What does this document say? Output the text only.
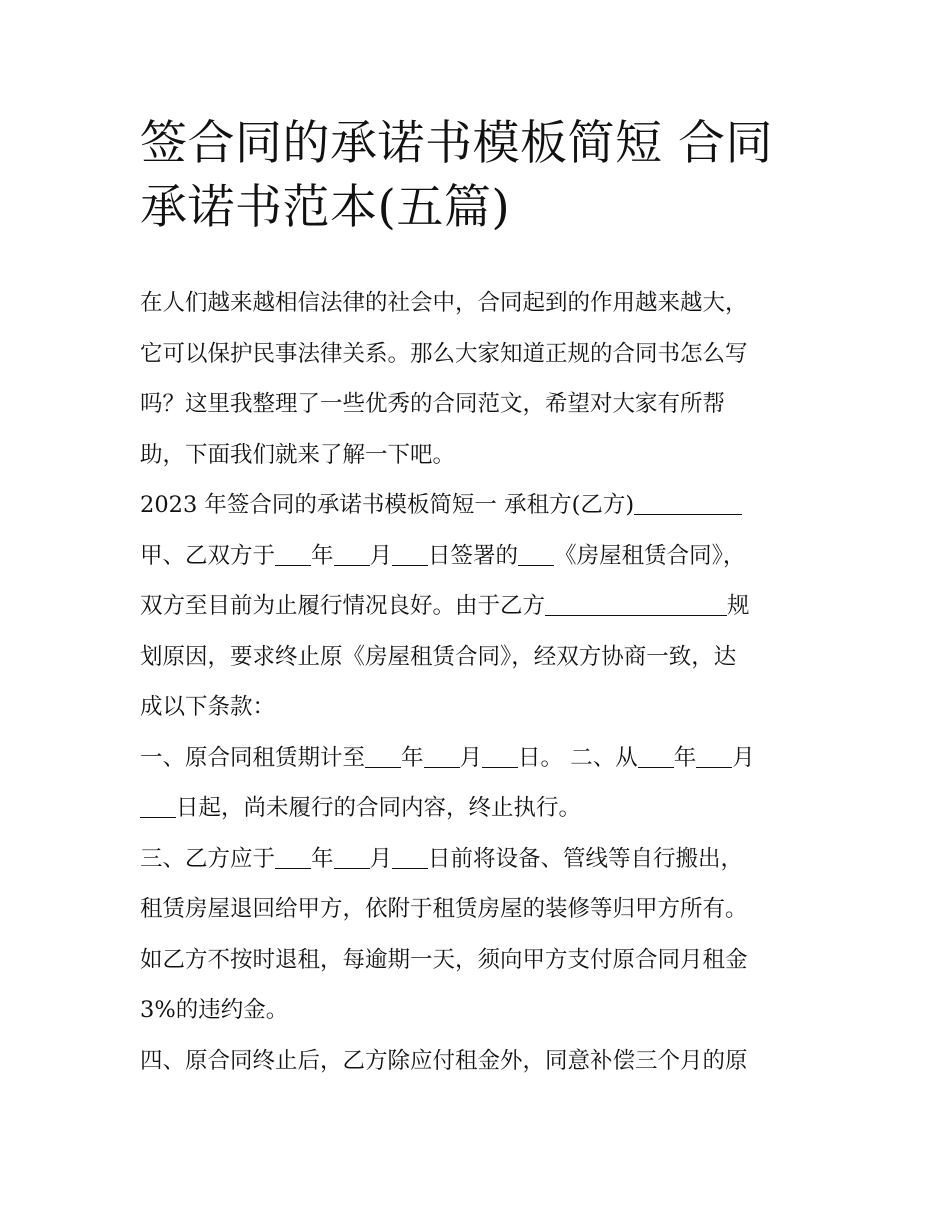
签合同的承诺书模板简短 合同
承诺书范本(五篇)
在人们越来越相信法律的社会中，合同起到的作用越来越大，
它可以保护民事法律关系。那么大家知道正规的合同书怎么写
吗？这里我整理了一些优秀的合同范文，希望对大家有所帮
助，下面我们就来了解一下吧。
2023 年签合同的承诺书模板简短一 承租方(乙方)
甲、乙双方于 年 月 日签署的 《房屋租赁合同》，
双方至目前为止履行情况良好。由于乙方	规
划原因，要求终止原《房屋租赁合同》，经双方协商一致，达
成以下条款：
一、原合同租赁期计至 年 月 日。 二、从 年 月
日起，尚未履行的合同内容，终止执行。
三、乙方应于 年 月 日前将设备、管线等自行搬出，
租赁房屋退回给甲方，依附于租赁房屋的装修等归甲方所有。
如乙方不按时退租，每逾期一天，须向甲方支付原合同月租金
3%的违约金。
四、原合同终止后，乙方除应付租金外，同意补偿三个月的原
